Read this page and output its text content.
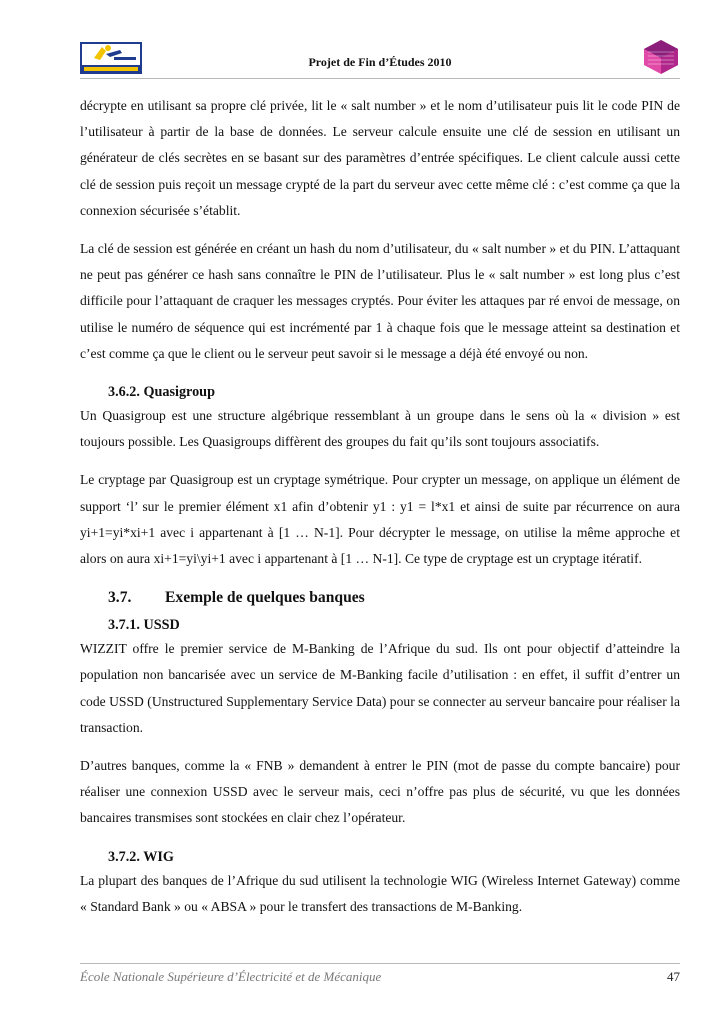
Projet de Fin d’Études 2010

décrypte en utilisant sa propre clé privée, lit le « salt number » et le nom d’utilisateur puis lit le code PIN de l’utilisateur à partir de la base de données. Le serveur calcule ensuite une clé de session en utilisant un générateur de clés secrètes en se basant sur des paramètres d’entrée spécifiques. Le client calcule aussi cette clé de session puis reçoit un message crypté de la part du serveur avec cette même clé : c’est comme ça que la connexion sécurisée s’établit.

La clé de session est générée en créant un hash du nom d’utilisateur, du « salt number » et du PIN. L’attaquant ne peut pas générer ce hash sans connaître le PIN de l’utilisateur. Plus le « salt number » est long plus c’est difficile pour l’attaquant de craquer les messages cryptés. Pour éviter les attaques par ré envoi de message, on utilise le numéro de séquence qui est incrémenté par 1 à chaque fois que le message atteint sa destination et c’est comme ça que le client ou le serveur peut savoir si le message a déjà été envoyé ou non.

3.6.2. Quasigroup

Un Quasigroup est une structure algébrique ressemblant à un groupe dans le sens où la « division » est toujours possible. Les Quasigroups diffèrent des groupes du fait qu’ils sont toujours associatifs.

Le cryptage par Quasigroup est un cryptage symétrique. Pour crypter un message, on applique un élément de support ‘l’ sur le premier élément x1 afin d’obtenir y1 : y1 = l*x1 et ainsi de suite par récurrence on aura yi+1=yi*xi+1 avec i appartenant à [1 … N-1]. Pour décrypter le message, on utilise la même approche et alors on aura xi+1=yi\yi+1 avec i appartenant à [1 … N-1]. Ce type de cryptage est un cryptage itératif.

3.7.	Exemple de quelques banques

3.7.1. USSD

WIZZIT offre le premier service de M-Banking de l’Afrique du sud. Ils ont pour objectif d’atteindre la population non bancarisée avec un service de M-Banking facile d’utilisation : en effet, il suffit d’entrer un code USSD (Unstructured Supplementary Service Data) pour se connecter au serveur bancaire pour réaliser la transaction.

D’autres banques, comme la « FNB » demandent à entrer le PIN (mot de passe du compte bancaire) pour réaliser une connexion USSD avec le serveur mais, ceci n’offre pas plus de sécurité, vu que les données bancaires transmises sont stockées en clair chez l’opérateur.

3.7.2. WIG

La plupart des banques de l’Afrique du sud utilisent la technologie WIG (Wireless Internet Gateway) comme « Standard Bank » ou « ABSA » pour le transfert des transactions de M-Banking.

École Nationale Supérieure d’Électricité et de Mécanique	47
